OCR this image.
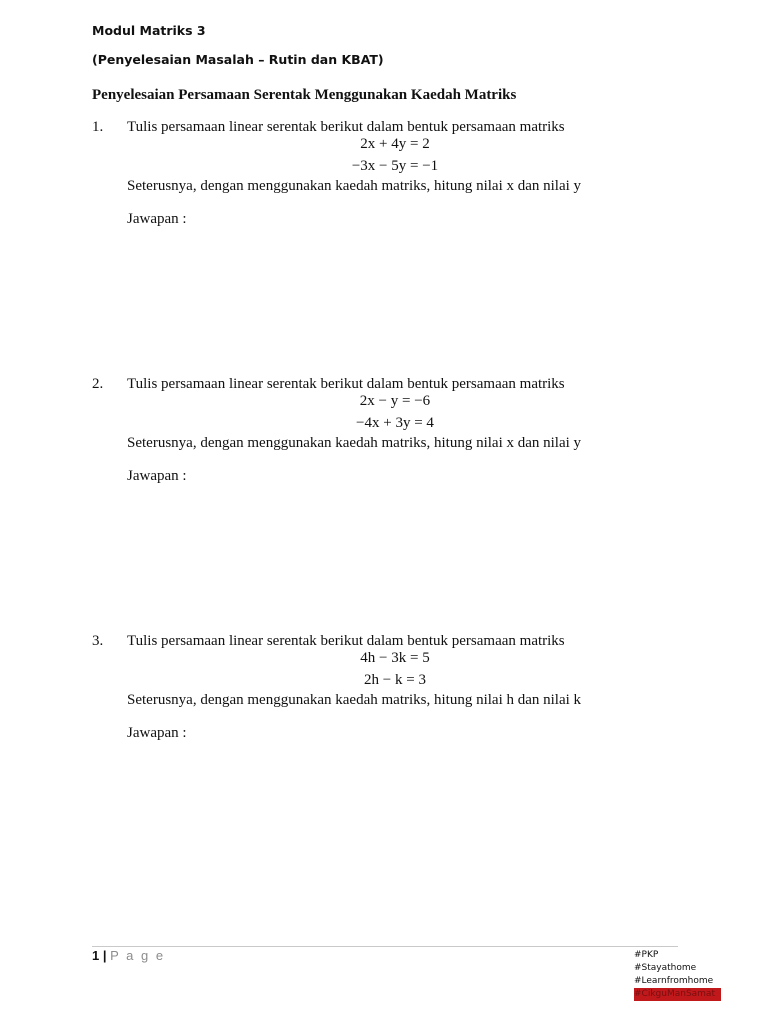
Modul Matriks 3
(Penyelesaian Masalah – Rutin dan KBAT)
Penyelesaian Persamaan Serentak Menggunakan Kaedah Matriks
1. Tulis persamaan linear serentak berikut dalam bentuk persamaan matriks
2x + 4y = 2
−3x − 5y = −1
Seterusnya, dengan menggunakan kaedah matriks, hitung nilai x dan nilai y
Jawapan :
2. Tulis persamaan linear serentak berikut dalam bentuk persamaan matriks
2x − y = −6
−4x + 3y = 4
Seterusnya, dengan menggunakan kaedah matriks, hitung nilai x dan nilai y
Jawapan :
3. Tulis persamaan linear serentak berikut dalam bentuk persamaan matriks
4h − 3k = 5
2h − k = 3
Seterusnya, dengan menggunakan kaedah matriks, hitung nilai h dan nilai k
Jawapan :
1 | P a g e	#PKP
#Stayathome
#Learnfromhome
#CikguManSamat
